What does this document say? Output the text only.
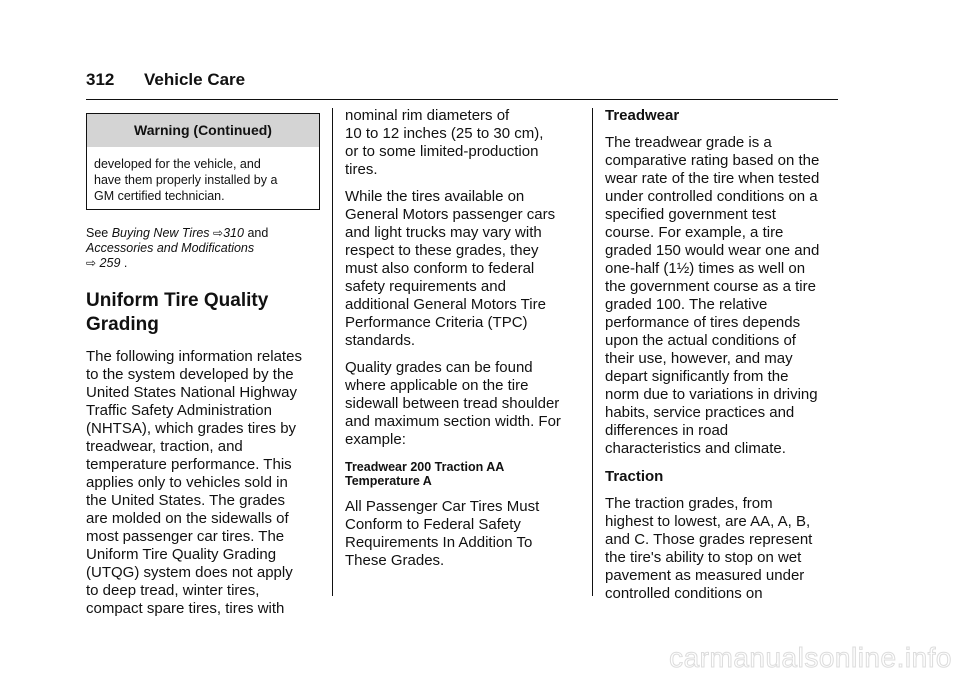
312 Vehicle Care
Warning (Continued)
developed for the vehicle, and
have them properly installed by a
GM certified technician.
See Buying New Tires ⇨310 and
Accessories and Modifications
⇨ 259 .
Uniform Tire Quality
Grading
The following information relates
to the system developed by the
United States National Highway
Traffic Safety Administration
(NHTSA), which grades tires by
treadwear, traction, and
temperature performance. This
applies only to vehicles sold in
the United States. The grades
are molded on the sidewalls of
most passenger car tires. The
Uniform Tire Quality Grading
(UTQG) system does not apply
to deep tread, winter tires,
compact spare tires, tires with
nominal rim diameters of
10 to 12 inches (25 to 30 cm),
or to some limited-production
tires.
While the tires available on
General Motors passenger cars
and light trucks may vary with
respect to these grades, they
must also conform to federal
safety requirements and
additional General Motors Tire
Performance Criteria (TPC)
standards.
Quality grades can be found
where applicable on the tire
sidewall between tread shoulder
and maximum section width. For
example:
Treadwear 200 Traction AA
Temperature A
All Passenger Car Tires Must
Conform to Federal Safety
Requirements In Addition To
These Grades.
Treadwear
The treadwear grade is a
comparative rating based on the
wear rate of the tire when tested
under controlled conditions on a
specified government test
course. For example, a tire
graded 150 would wear one and
one-half (1½) times as well on
the government course as a tire
graded 100. The relative
performance of tires depends
upon the actual conditions of
their use, however, and may
depart significantly from the
norm due to variations in driving
habits, service practices and
differences in road
characteristics and climate.
Traction
The traction grades, from
highest to lowest, are AA, A, B,
and C. Those grades represent
the tire's ability to stop on wet
pavement as measured under
controlled conditions on
carmanualsonline.info
